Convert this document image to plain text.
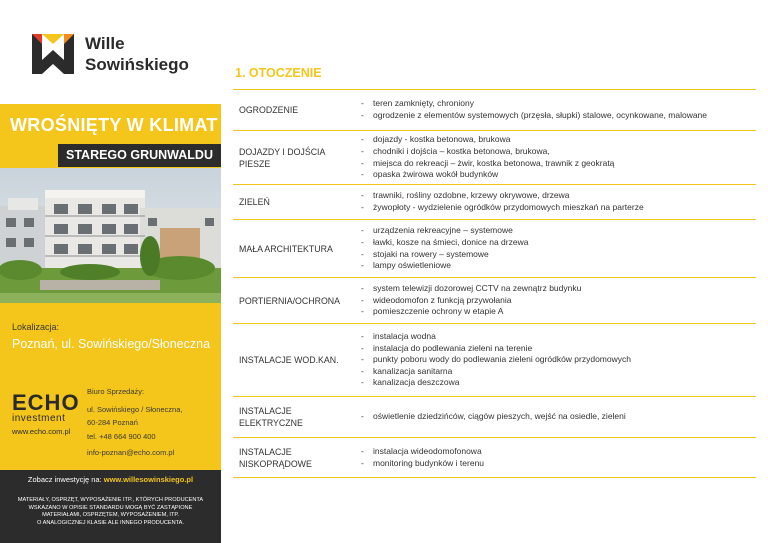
Wille
Sowińskiego
WROŚNIĘTY W KLIMAT
STAREGO GRUNWALDU
Lokalizacja:
Poznań, ul. Sowińskiego/Słoneczna
ECHO
investment
www.echo.com.pl
Biuro Sprzedaży:
ul. Sowińskiego / Słoneczna,
60-284 Poznań
tel. +48 664 900 400
info-poznan@echo.com.pl
Zobacz inwestycję na: www.willesowinskiego.pl
MATERIAŁY, OSPRZĘT, WYPOSAŻENIE ITP., KTÓRYCH PRODUCENTA
WSKAZANO W OPISIE STANDARDU MOGĄ BYĆ ZASTĄPIONE
MATERIAŁAMI, OSPRZĘTEM, WYPOSAŻENIEM, ITP.
O ANALOGICZNEJ KLASIE ALE INNEGO PRODUCENTA.
1. OTOCZENIE
OGRODZENIE
- teren zamknięty, chroniony
- ogrodzenie z elementów systemowych (przęsła, słupki) stalowe, ocynkowane, malowane
DOJAZDY I DOJŚCIA PIESZE
- dojazdy - kostka betonowa, brukowa
- chodniki i dojścia – kostka betonowa, brukowa,
- miejsca do rekreacji – żwir, kostka betonowa, trawnik z geokratą
- opaska żwirowa wokół budynków
ZIELEŃ
- trawniki, rośliny ozdobne, krzewy okrywowe, drzewa
- żywopłoty - wydzielenie ogródków przydomowych mieszkań na parterze
MAŁA ARCHITEKTURA
- urządzenia rekreacyjne – systemowe
- ławki, kosze na śmieci, donice na drzewa
- stojaki na rowery – systemowe
- lampy oświetleniowe
PORTIERNIA/OCHRONA
- system telewizji dozorowej CCTV na zewnątrz budynku
- wideodomofon z funkcją przywołania
- pomieszczenie ochrony w etapie A
INSTALACJE WOD.KAN.
- instalacja wodna
- instalacja do podlewania zieleni na terenie
- punkty poboru wody do podlewania zieleni ogródków przydomowych
- kanalizacja sanitarna
- kanalizacja deszczowa
INSTALACJE ELEKTRYCZNE
- oświetlenie dziedzińców, ciągów pieszych, wejść na osiedle, zieleni
INSTALACJE NISKOPRĄDOWE
- instalacja wideodomofonowa
- monitoring budynków i terenu
